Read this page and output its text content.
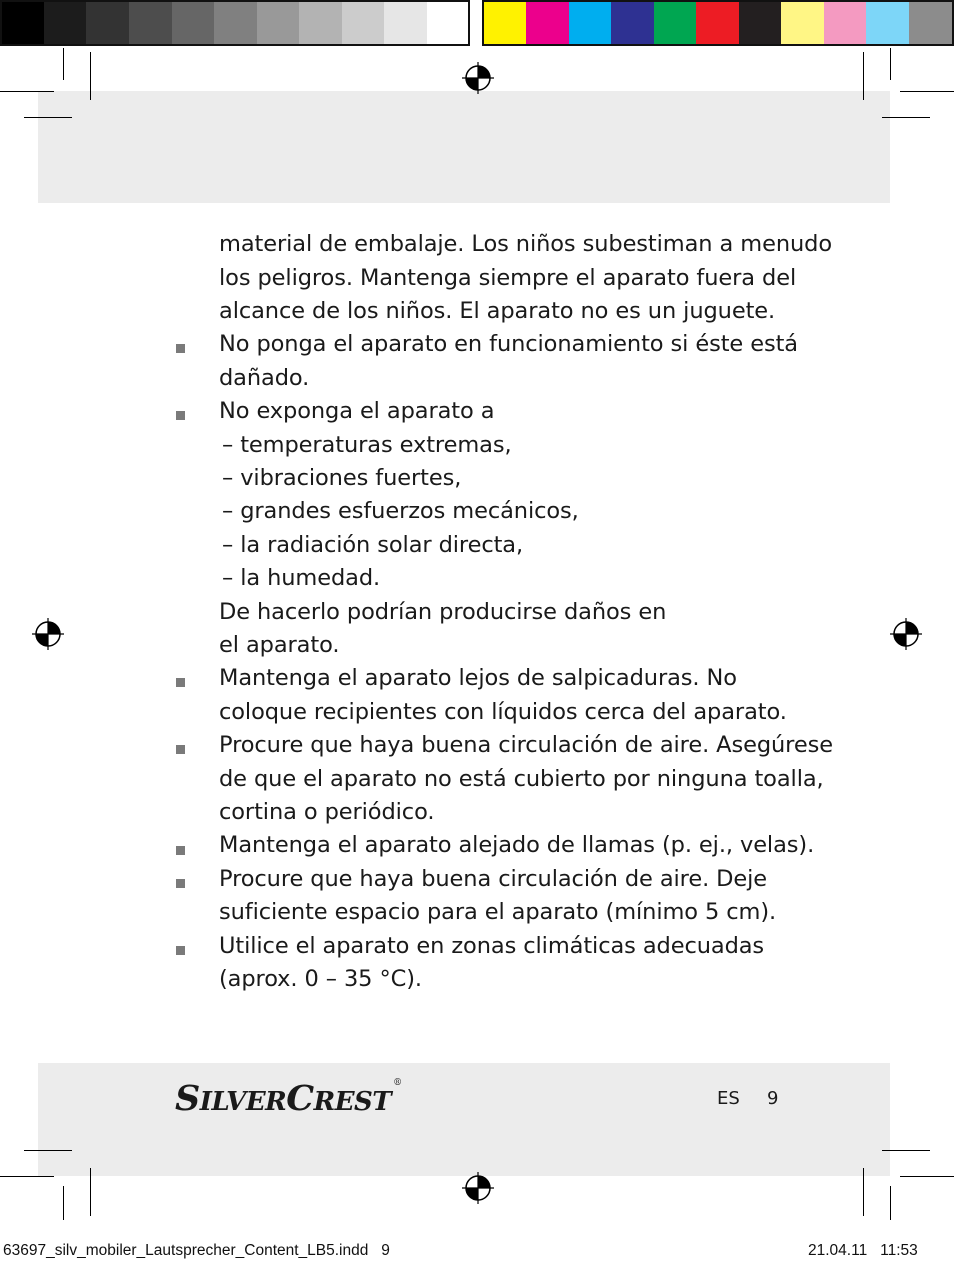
material de embalaje. Los niños subestiman a menudo
los peligros. Mantenga siempre el aparato fuera del
alcance de los niños. El aparato no es un juguete.
No ponga el aparato en funcionamiento si éste está
dañado.
No exponga el aparato a
– temperaturas extremas,
– vibraciones fuertes,
– grandes esfuerzos mecánicos,
– la radiación solar directa,
– la humedad.
De hacerlo podrían producirse daños en
el aparato.
Mantenga el aparato lejos de salpicaduras. No
coloque recipientes con líquidos cerca del aparato.
Procure que haya buena circulación de aire. Asegúrese
de que el aparato no está cubierto por ninguna toalla,
cortina o periódico.
Mantenga el aparato alejado de llamas (p. ej., velas).
Procure que haya buena circulación de aire. Deje
suficiente espacio para el aparato (mínimo 5 cm).
Utilice el aparato en zonas climáticas adecuadas
(aprox. 0 – 35 °C).
SILVERCREST®
ES 9
63697_silv_mobiler_Lautsprecher_Content_LB5.indd   9	21.04.11   11:53
